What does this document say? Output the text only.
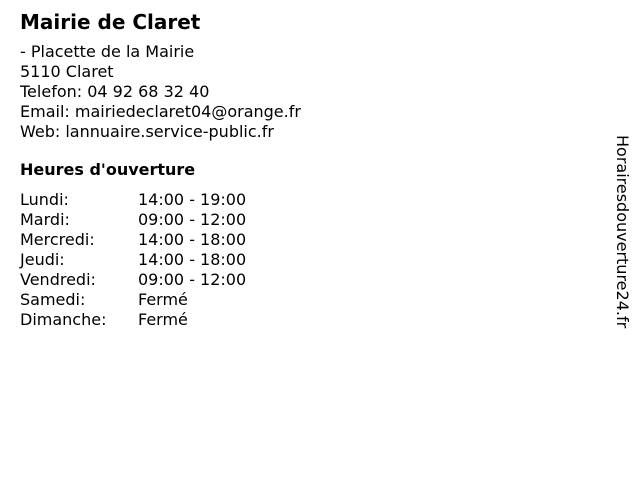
Mairie de Claret
- Placette de la Mairie
5110 Claret
Telefon: 04 92 68 32 40
Email: mairiedeclaret04@orange.fr
Web: lannuaire.service-public.fr
Heures d'ouverture
Lundi:	14:00 - 19:00
Mardi:	09:00 - 12:00
Mercredi:	14:00 - 18:00
Jeudi:	14:00 - 18:00
Vendredi:	09:00 - 12:00
Samedi:	Fermé
Dimanche:	Fermé	Horairesdouverture24.fr
